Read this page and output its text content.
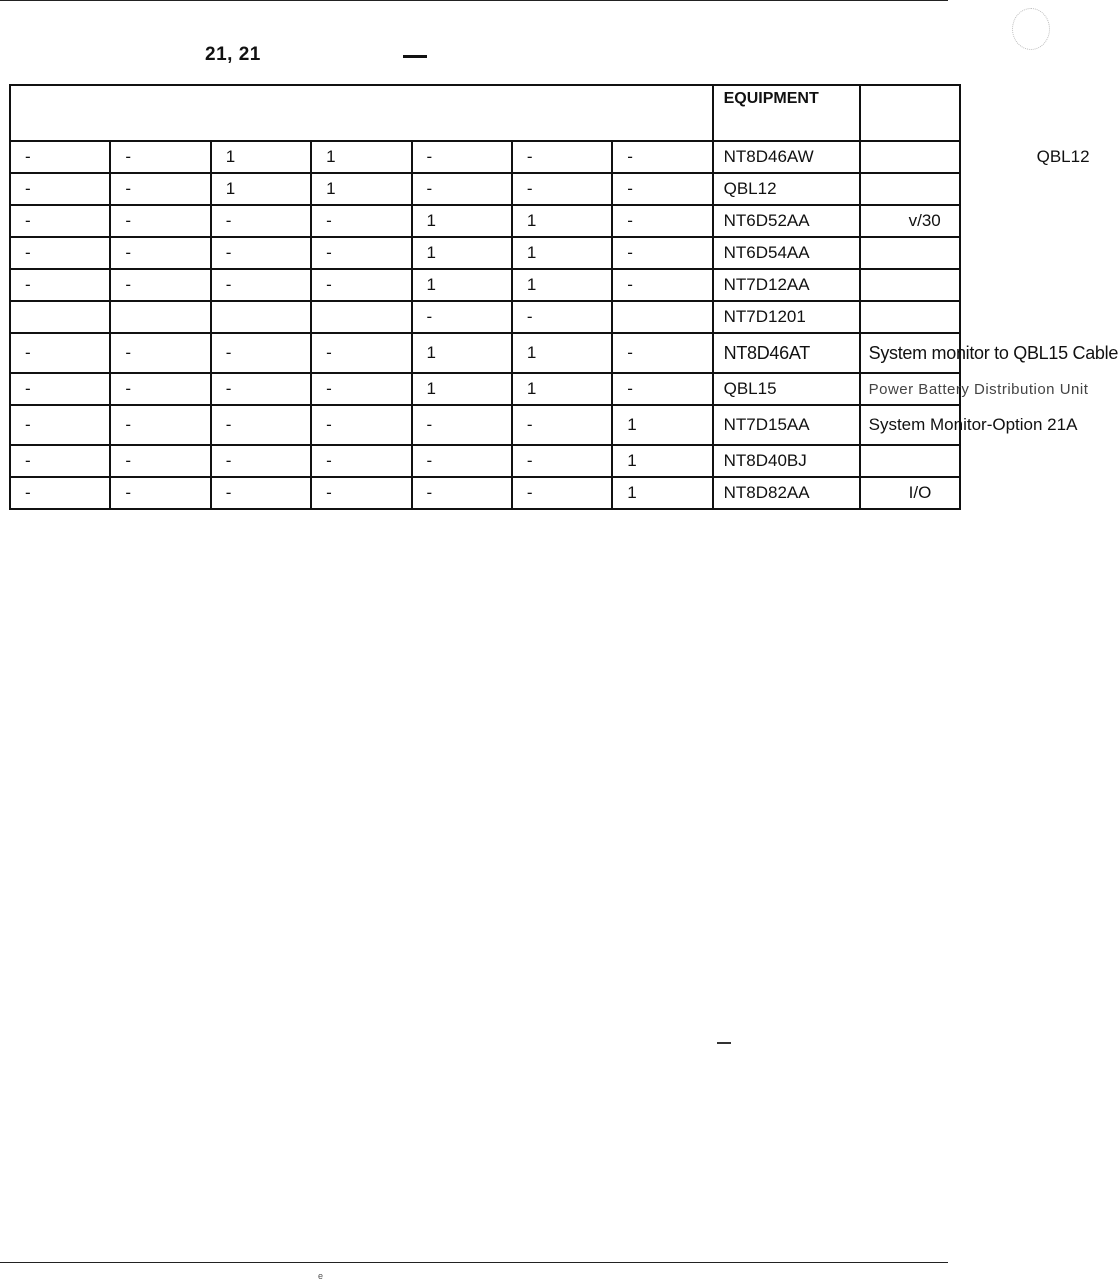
21, 21
							EQUIPMENT	
-	-	1	1	-	-	-	NT8D46AW	QBL12
-	-	1	1	-	-	-	QBL12	
-	-	-	-	1	1	-	NT6D52AA	v/30
-	-	-	-	1	1	-	NT6D54AA	
-	-	-	-	1	1	-	NT7D12AA	
				-	-		NT7D1201	
-	-	-	-	1	1	-	NT8D46AT	System monitor to QBL15 Cable
-	-	-	-	1	1	-	QBL15	Power Battery Distribution Unit
-	-	-	-	-	-	1	NT7D15AA	System Monitor-Option 21A
-	-	-	-	-	-	1	NT8D40BJ	
-	-	-	-	-	-	1	NT8D82AA	I/O
e
